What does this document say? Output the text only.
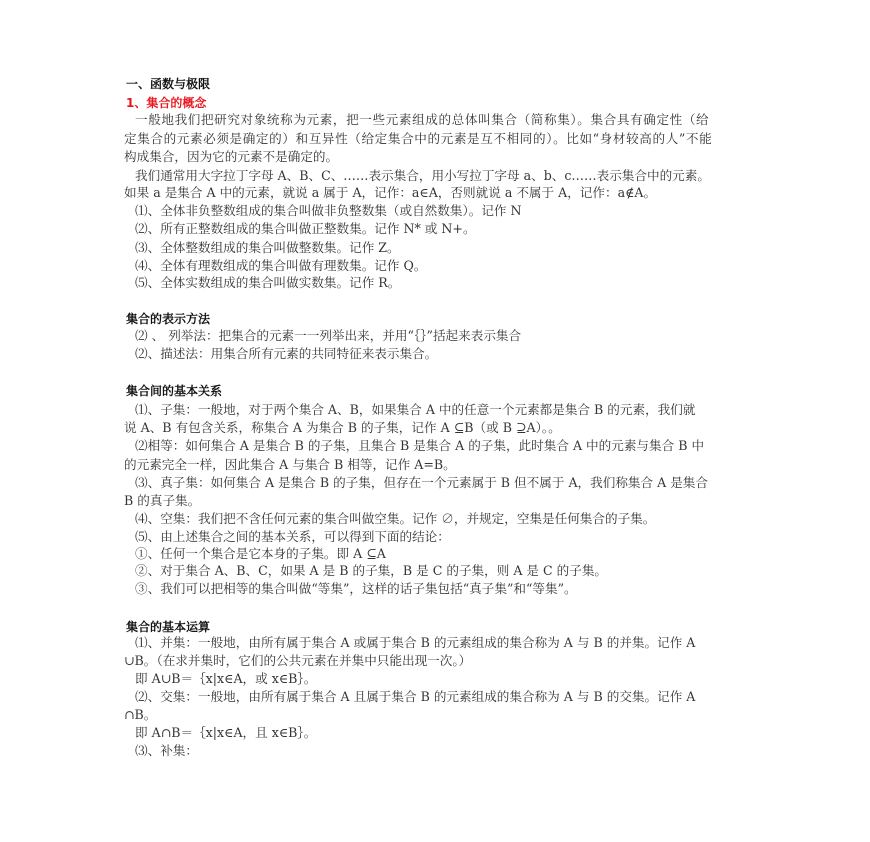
一、函数与极限
1、集合的概念
一般地我们把研究对象统称为元素，把一些元素组成的总体叫集合（简称集）。集合具有确定性（给
定集合的元素必须是确定的）和互异性（给定集合中的元素是互不相同的）。比如“身材较高的人”不能
构成集合，因为它的元素不是确定的。
我们通常用大字拉丁字母 A、B、C、……表示集合，用小写拉丁字母 a、b、c……表示集合中的元素。
如果 a 是集合 A 中的元素，就说 a 属于 A，记作：a∈A，否则就说 a 不属于 A，记作：a∉A。
⑴、全体非负整数组成的集合叫做非负整数集（或自然数集）。记作 N
⑵、所有正整数组成的集合叫做正整数集。记作 N* 或 N+。
⑶、全体整数组成的集合叫做整数集。记作 Z。
⑷、全体有理数组成的集合叫做有理数集。记作 Q。
⑸、全体实数组成的集合叫做实数集。记作 R。
集合的表示方法
⑵ 、 列举法：把集合的元素一一列举出来，并用“｛｝”括起来表示集合
⑵、描述法：用集合所有元素的共同特征来表示集合。
集合间的基本关系
⑴、子集：一般地，对于两个集合 A、B，如果集合 A 中的任意一个元素都是集合 B 的元素，我们就
说 A、B 有包含关系，称集合 A 为集合 B 的子集，记作 A ⊆B（或 B ⊇A）。。
⑵相等：如何集合 A 是集合 B 的子集，且集合 B 是集合 A 的子集，此时集合 A 中的元素与集合 B 中
的元素完全一样，因此集合 A 与集合 B 相等，记作 A=B。
⑶、真子集：如何集合 A 是集合 B 的子集，但存在一个元素属于 B 但不属于 A，我们称集合 A 是集合
B 的真子集。
⑷、空集：我们把不含任何元素的集合叫做空集。记作 ∅，并规定，空集是任何集合的子集。
⑸、由上述集合之间的基本关系，可以得到下面的结论：
①、任何一个集合是它本身的子集。即 A ⊆A
②、对于集合 A、B、C，如果 A 是 B 的子集，B 是 C 的子集，则 A 是 C 的子集。
③、我们可以把相等的集合叫做“等集”，这样的话子集包括“真子集”和“等集”。
集合的基本运算
⑴、并集：一般地，由所有属于集合 A 或属于集合 B 的元素组成的集合称为 A 与 B 的并集。记作 A
∪B。（在求并集时，它们的公共元素在并集中只能出现一次。）
即 A∪B＝｛x|x∈A，或 x∈B｝。
⑵、交集：一般地，由所有属于集合 A 且属于集合 B 的元素组成的集合称为 A 与 B 的交集。记作 A
∩B。
即 A∩B＝｛x|x∈A，且 x∈B｝。
⑶、补集：
